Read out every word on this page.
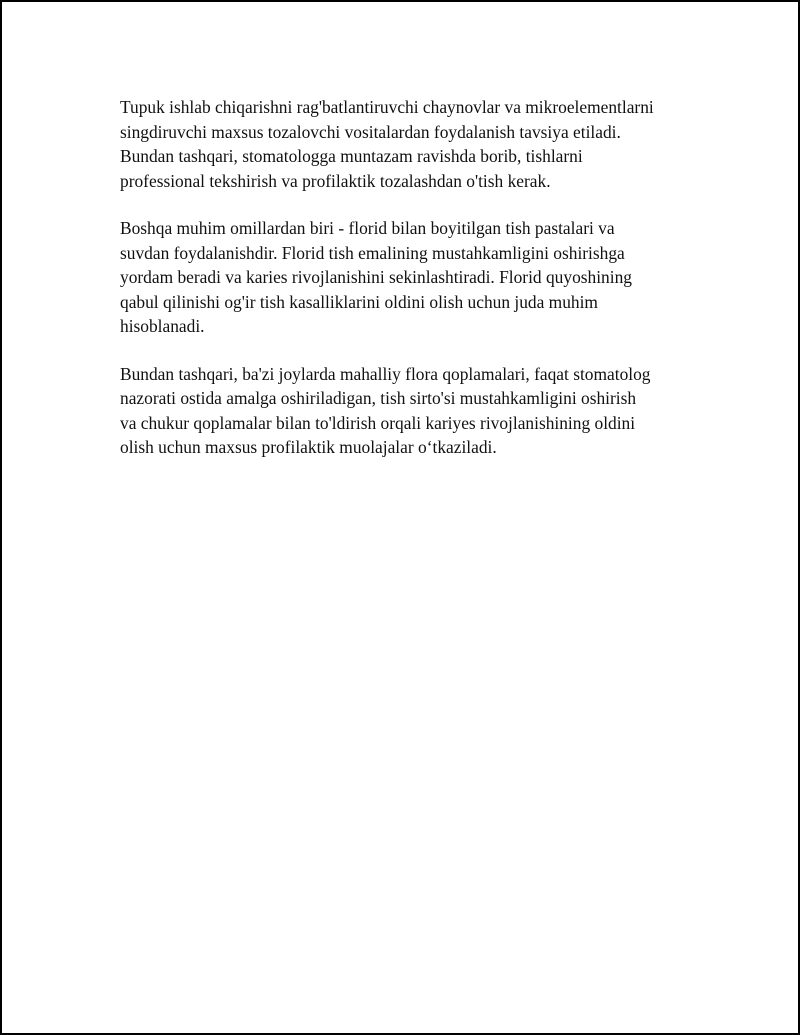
Tupuk ishlab chiqarishni rag'batlantiruvchi chaynovlar va mikroelementlarni
singdiruvchi maxsus tozalovchi vositalardan foydalanish tavsiya etiladi.
Bundan tashqari, stomatologga muntazam ravishda borib, tishlarni
professional tekshirish va profilaktik tozalashdan o'tish kerak.

Boshqa muhim omillardan biri - florid bilan boyitilgan tish pastalari va
suvdan foydalanishdir. Florid tish emalining mustahkamligini oshirishga
yordam beradi va karies rivojlanishini sekinlashtiradi. Florid quyoshining
qabul qilinishi og'ir tish kasalliklarini oldini olish uchun juda muhim
hisoblanadi.

Bundan tashqari, ba'zi joylarda mahalliy flora qoplamalari, faqat stomatolog
nazorati ostida amalga oshiriladigan, tish sirto'si mustahkamligini oshirish
va chukur qoplamalar bilan to'ldirish orqali kariyes rivojlanishining oldini
olish uchun maxsus profilaktik muolajalar o‘tkaziladi.
